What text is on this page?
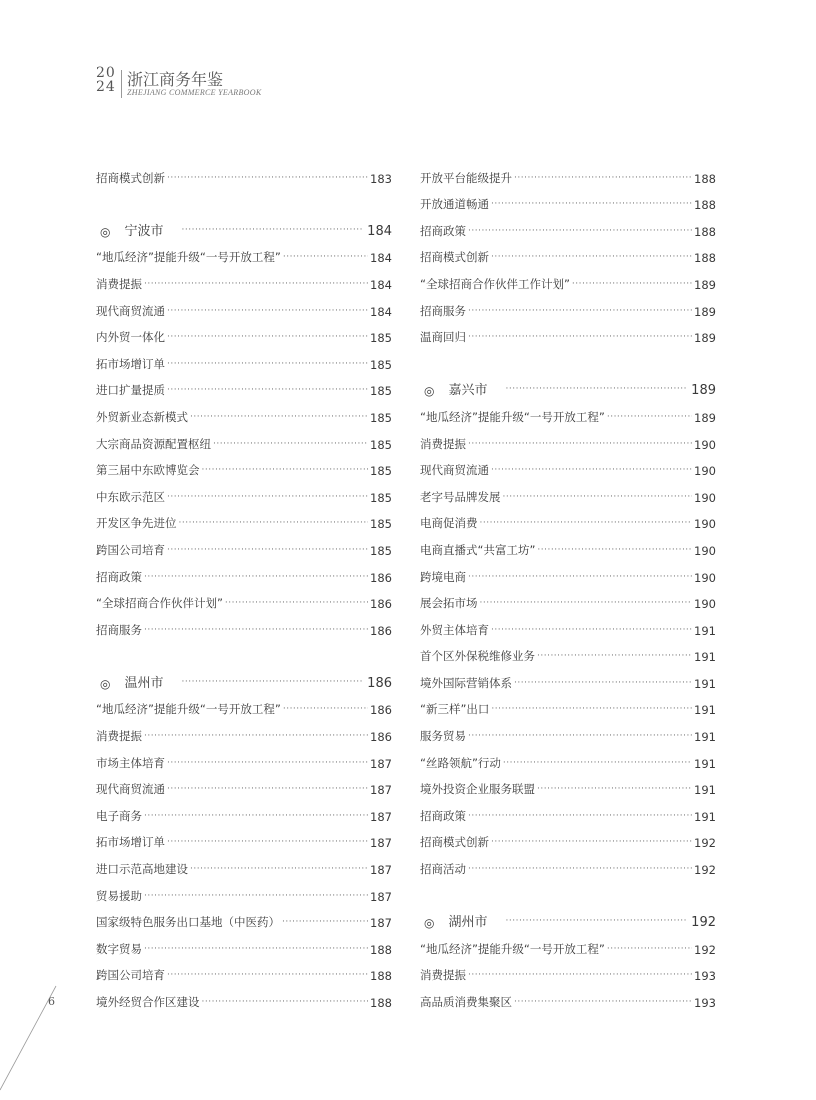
20
24 浙江商务年鉴
ZHEJIANG COMMERCE YEARBOOK
招商模式创新 ·····	183
◎ 宁波市 ·····	184
“地瓜经济”提能升级“一号开放工程” ·····	184
消费提振 ·····	184
现代商贸流通 ·····	184
内外贸一体化 ·····	185
拓市场增订单 ·····	185
进口扩量提质 ·····	185
外贸新业态新模式 ·····	185
大宗商品资源配置枢纽 ·····	185
第三届中东欧博览会 ·····	185
中东欧示范区 ·····	185
开发区争先进位 ·····	185
跨国公司培育 ·····	185
招商政策 ·····	186
“全球招商合作伙伴计划” ·····	186
招商服务 ·····	186
◎ 温州市 ·····	186
“地瓜经济”提能升级“一号开放工程” ·····	186
消费提振 ·····	186
市场主体培育 ·····	187
现代商贸流通 ·····	187
电子商务 ·····	187
拓市场增订单 ·····	187
进口示范高地建设 ·····	187
贸易援助 ·····	187
国家级特色服务出口基地（中医药） ·····	187
数字贸易 ·····	188
跨国公司培育 ·····	188
境外经贸合作区建设 ·····	188
开放平台能级提升 ·····	188
开放通道畅通 ·····	188
招商政策 ·····	188
招商模式创新 ·····	188
“全球招商合作伙伴工作计划” ·····	189
招商服务 ·····	189
温商回归 ·····	189
◎ 嘉兴市 ·····	189
“地瓜经济”提能升级“一号开放工程” ·····	189
消费提振 ·····	190
现代商贸流通 ·····	190
老字号品牌发展 ·····	190
电商促消费 ·····	190
电商直播式“共富工坊” ·····	190
跨境电商 ·····	190
展会拓市场 ·····	190
外贸主体培育 ·····	191
首个区外保税维修业务 ·····	191
境外国际营销体系 ·····	191
“新三样”出口 ·····	191
服务贸易 ·····	191
“丝路领航”行动 ·····	191
境外投资企业服务联盟 ·····	191
招商政策 ·····	191
招商模式创新 ·····	192
招商活动 ·····	192
◎ 湖州市 ·····	192
“地瓜经济”提能升级“一号开放工程” ·····	192
消费提振 ·····	193
高品质消费集聚区 ·····	193
6
